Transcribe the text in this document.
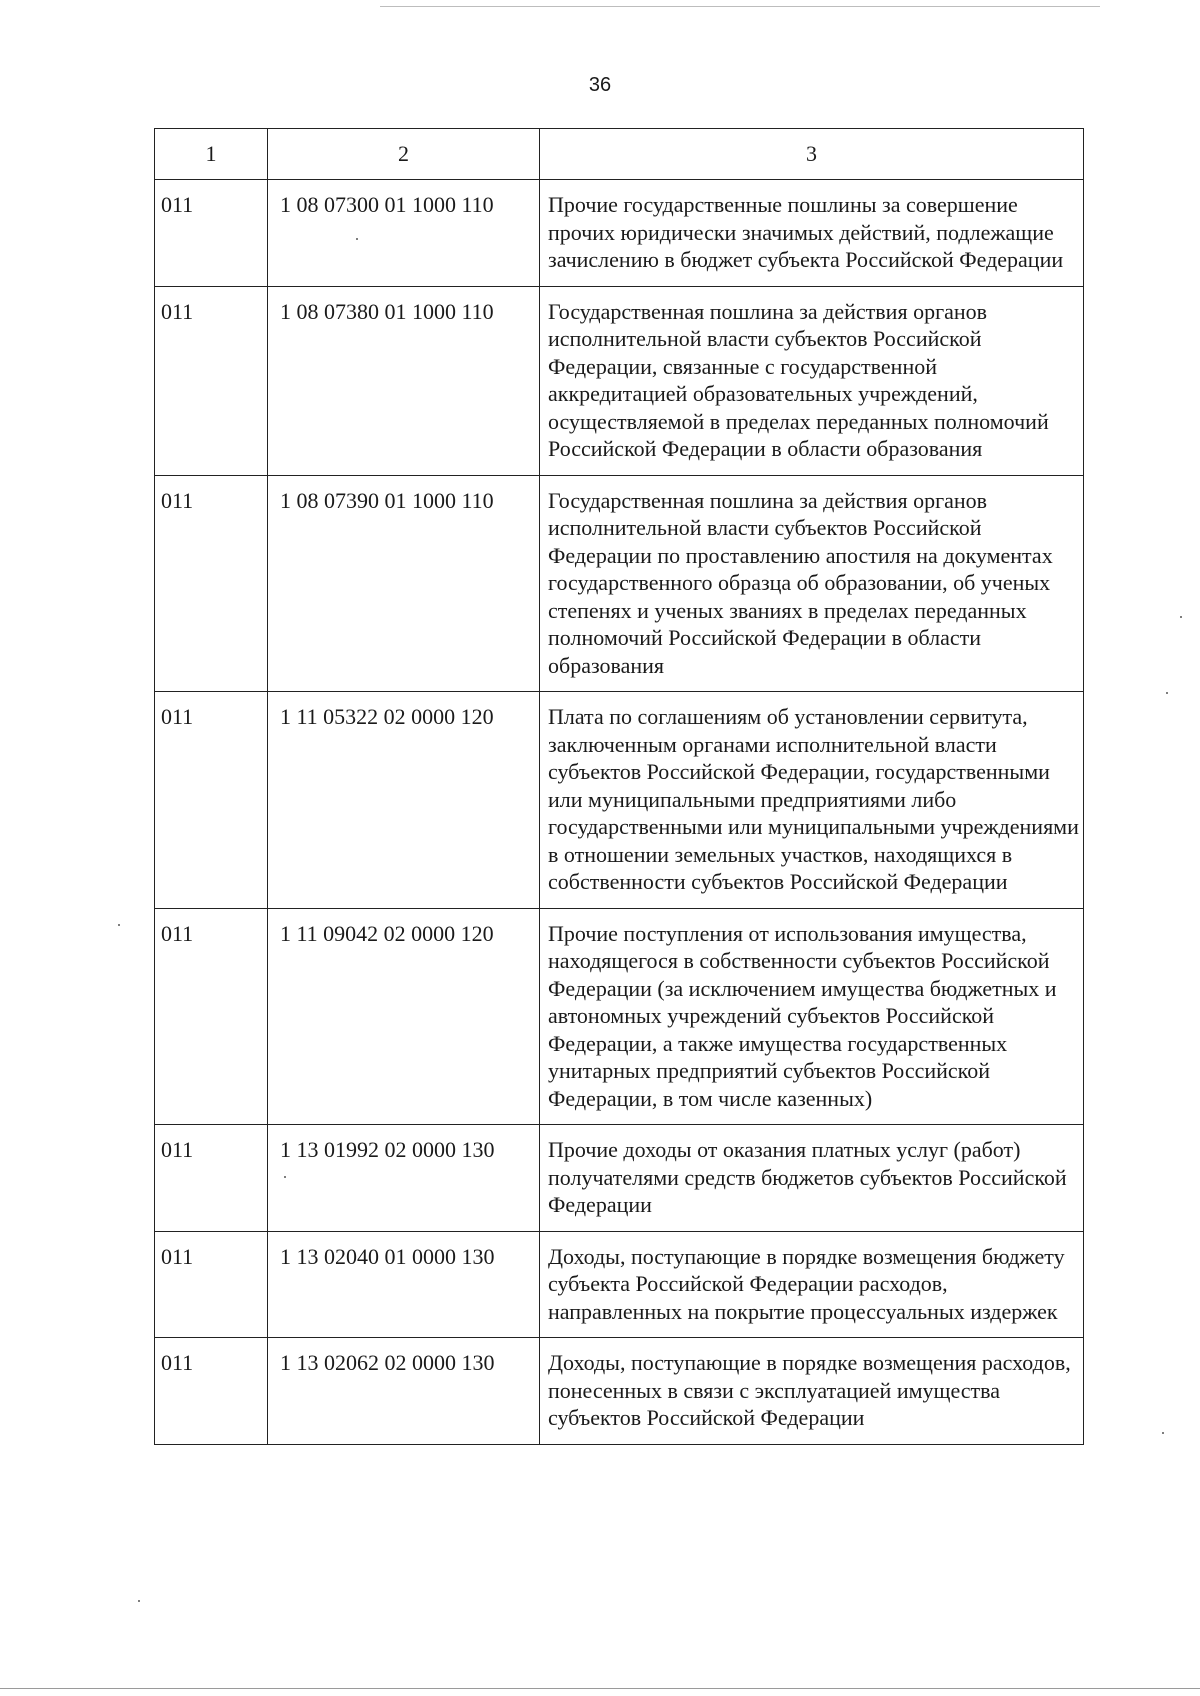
36
1	2	3
011	1 08 07300 01 1000 110	Прочие государственные пошлины за совершение прочих юридически значимых действий, подлежащие зачислению в бюджет субъекта Российской Федерации
011	1 08 07380 01 1000 110	Государственная пошлина за действия органов исполнительной власти субъектов Российской Федерации, связанные с государственной аккредитацией образовательных учреждений, осуществляемой в пределах переданных полномочий Российской Федерации в области образования
011	1 08 07390 01 1000 110	Государственная пошлина за действия органов исполнительной власти субъектов Российской Федерации по проставлению апостиля на документах государственного образца об образовании, об ученых степенях и ученых званиях в пределах переданных полномочий Российской Федерации в области образования
011	1 11 05322 02 0000 120	Плата по соглашениям об установлении сервитута, заключенным органами исполнительной власти субъектов Российской Федерации, государственными или муниципальными предприятиями либо государственными или муниципальными учреждениями в отношении земельных участков, находящихся в собственности субъектов Российской Федерации
011	1 11 09042 02 0000 120	Прочие поступления от использования имущества, находящегося в собственности субъектов Российской Федерации (за исключением имущества бюджетных и автономных учреждений субъектов Российской Федерации, а также имущества государственных унитарных предприятий субъектов Российской Федерации, в том числе казенных)
011	1 13 01992 02 0000 130	Прочие доходы от оказания платных услуг (работ) получателями средств бюджетов субъектов Российской Федерации
011	1 13 02040 01 0000 130	Доходы, поступающие в порядке возмещения бюджету субъекта Российской Федерации расходов, направленных на покрытие процессуальных издержек
011	1 13 02062 02 0000 130	Доходы, поступающие в порядке возмещения расходов, понесенных в связи с эксплуатацией имущества субъектов Российской Федерации
